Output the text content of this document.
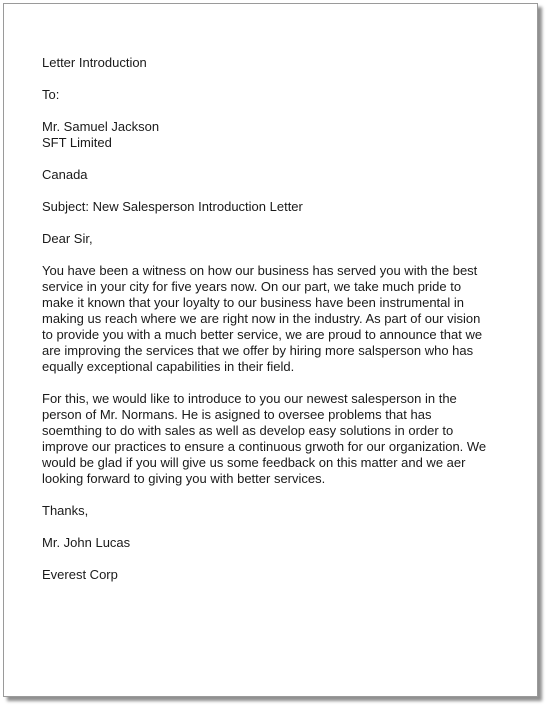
Letter Introduction
To:
Mr. Samuel Jackson
SFT Limited
Canada
Subject: New Salesperson Introduction Letter
Dear Sir,
You have been a witness on how our business has served you with the best
service in your city for five years now. On our part, we take much pride to
make it known that your loyalty to our business have been instrumental in
making us reach where we are right now in the industry. As part of our vision
to provide you with a much better service, we are proud to announce that we
are improving the services that we offer by hiring more salsperson who has
equally exceptional capabilities in their field.
For this, we would like to introduce to you our newest salesperson in the
person of Mr. Normans. He is asigned to oversee problems that has
soemthing to do with sales as well as develop easy solutions in order to
improve our practices to ensure a continuous grwoth for our organization. We
would be glad if you will give us some feedback on this matter and we aer
looking forward to giving you with better services.
Thanks,
Mr. John Lucas
Everest Corp
